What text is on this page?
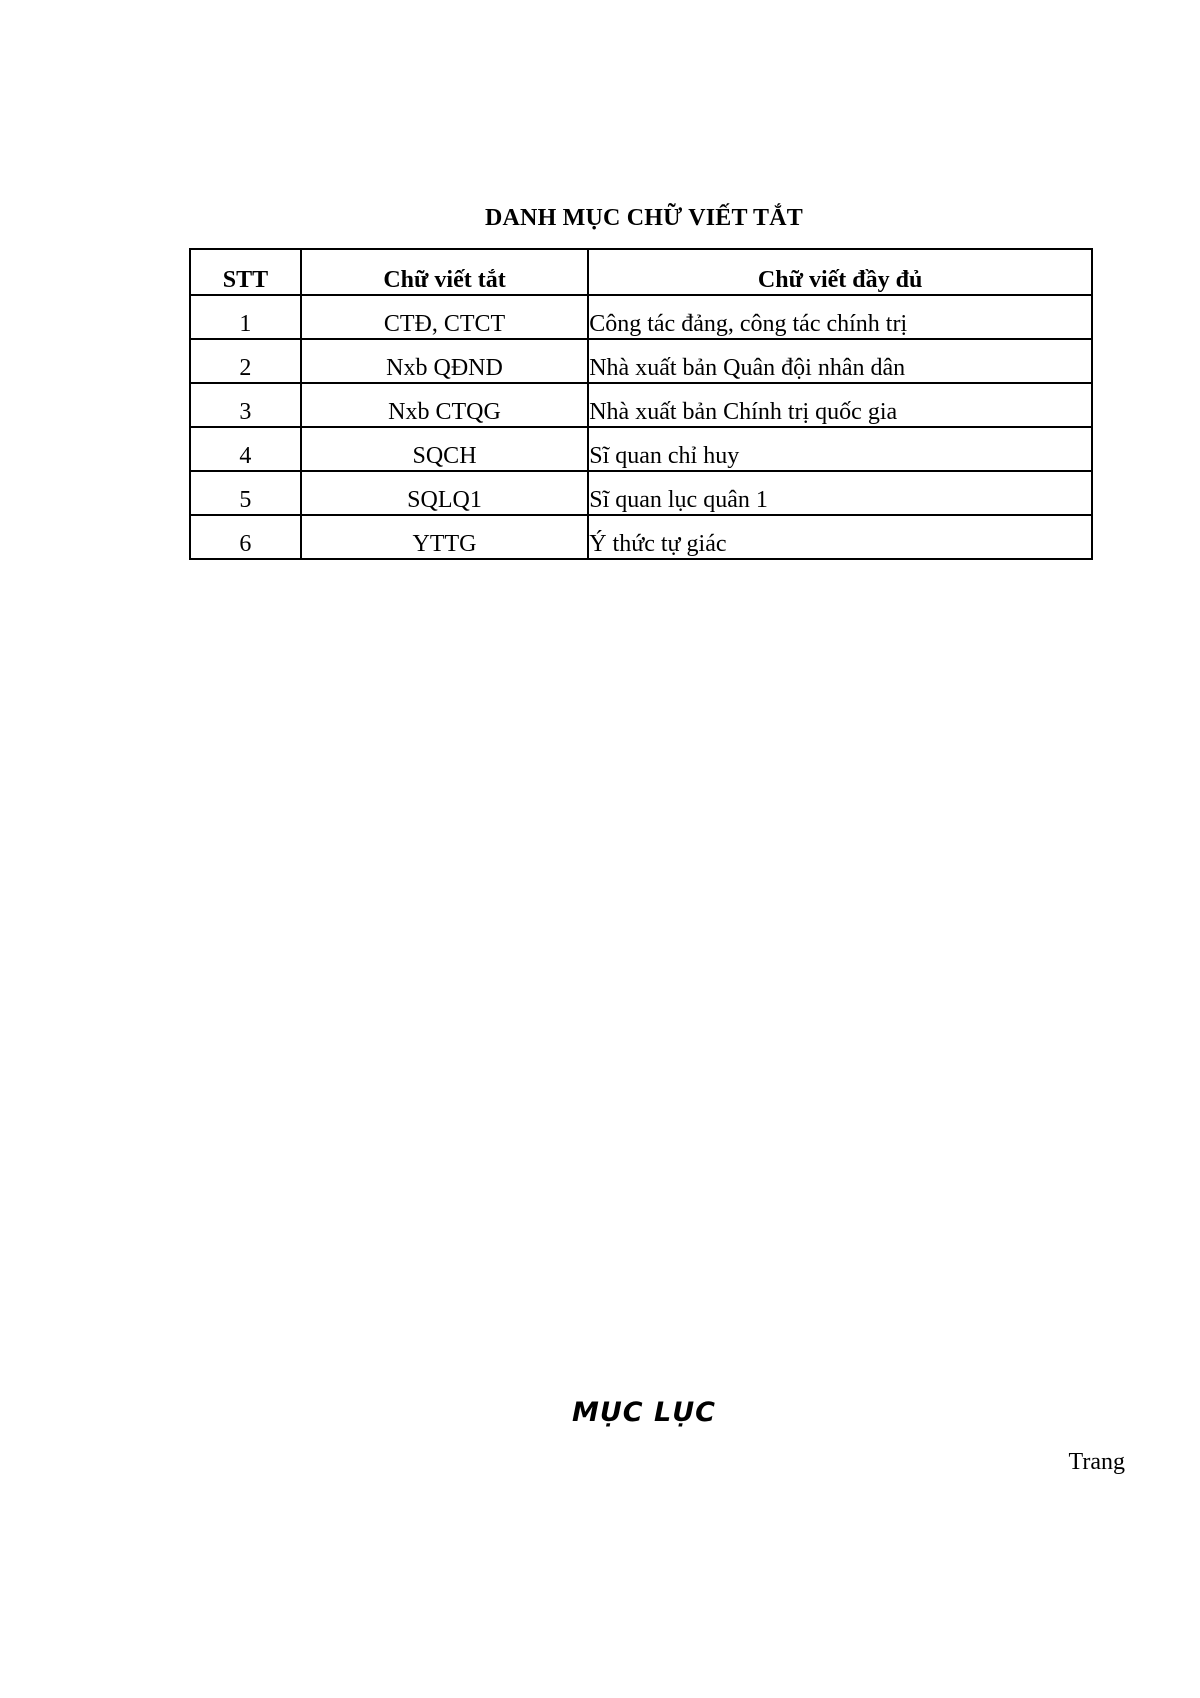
DANH MỤC CHỮ VIẾT TẮT
STT	Chữ viết tắt	Chữ viết đầy đủ
1	CTĐ, CTCT	Công tác đảng, công tác chính trị
2	Nxb QĐND	Nhà xuất bản Quân đội nhân dân
3	Nxb CTQG	Nhà xuất bản Chính trị quốc gia
4	SQCH	Sĩ quan chỉ huy
5	SQLQ1	Sĩ quan lục quân 1
6	YTTG	Ý thức tự giác
MỤC LỤC
Trang
